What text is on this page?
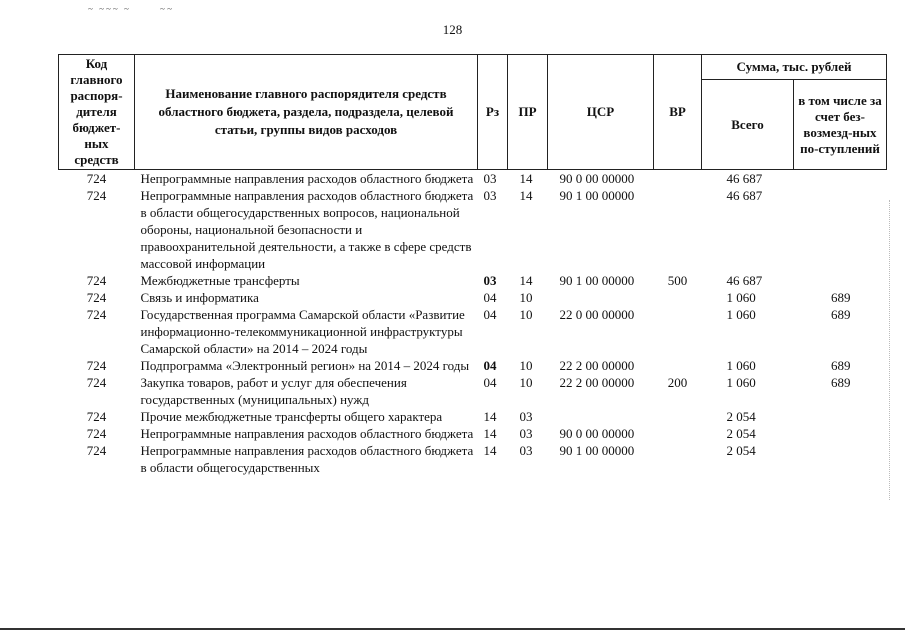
~ ~~~ ~	~ ~
128
Код главного распоря-дителя бюджет-ных средств	Наименование главного распорядителя средств областного бюджета, раздела, подраздела, целевой статьи, группы видов расходов	Рз	ПР	ЦСР	ВР	Сумма, тыс. рублей	
						Всего	в том числе за счет без-возмезд-ных по-ступлений
724	Непрограммные направления расходов областного бюджета	03	14	90 0 00 00000		46 687	
724	Непрограммные направления расходов областного бюджета в области общегосударственных вопросов, национальной обороны, национальной безопасности и правоохранительной деятельности, а также в сфере средств массовой информации	03	14	90 1 00 00000		46 687	
724	Межбюджетные трансферты	03	14	90 1 00 00000	500	46 687	
724	Связь и информатика	04	10			1 060	689
724	Государственная программа Самарской области «Развитие информационно-телекоммуникационной инфраструктуры Самарской области» на 2014 – 2024 годы	04	10	22 0 00 00000		1 060	689
724	Подпрограмма «Электронный регион» на 2014 – 2024 годы	04	10	22 2 00 00000		1 060	689
724	Закупка товаров, работ и услуг для обеспечения государственных (муниципальных) нужд	04	10	22 2 00 00000	200	1 060	689
724	Прочие межбюджетные трансферты общего характера	14	03			2 054	
724	Непрограммные направления расходов областного бюджета	14	03	90 0 00 00000		2 054	
724	Непрограммные направления расходов областного бюджета в области общегосударственных	14	03	90 1 00 00000		2 054	
